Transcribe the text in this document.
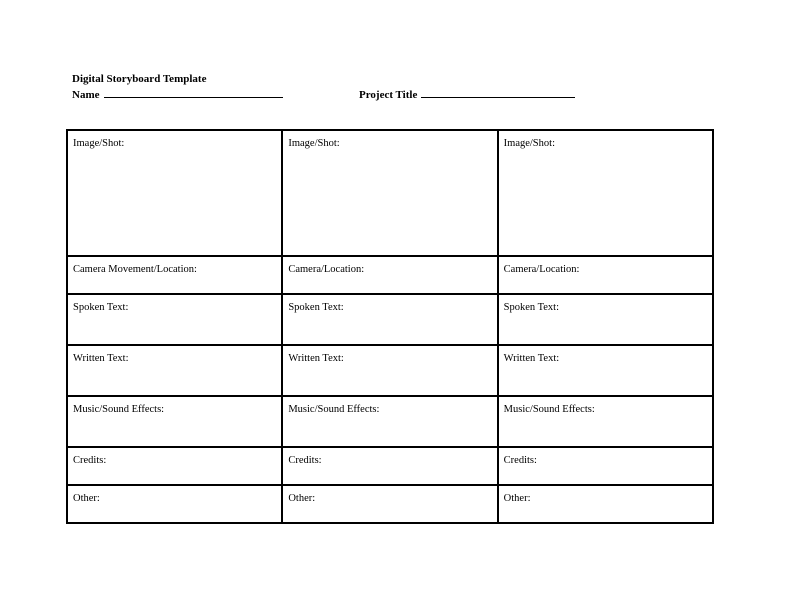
Digital Storyboard Template
Name	Project Title
Image/Shot:	Image/Shot:	Image/Shot:
Camera Movement/Location:	Camera/Location:	Camera/Location:
Spoken Text:	Spoken Text:	Spoken Text:
Written Text:	Written Text:	Written Text:
Music/Sound Effects:	Music/Sound Effects:	Music/Sound Effects:
Credits:	Credits:	Credits:
Other:	Other:	Other:
